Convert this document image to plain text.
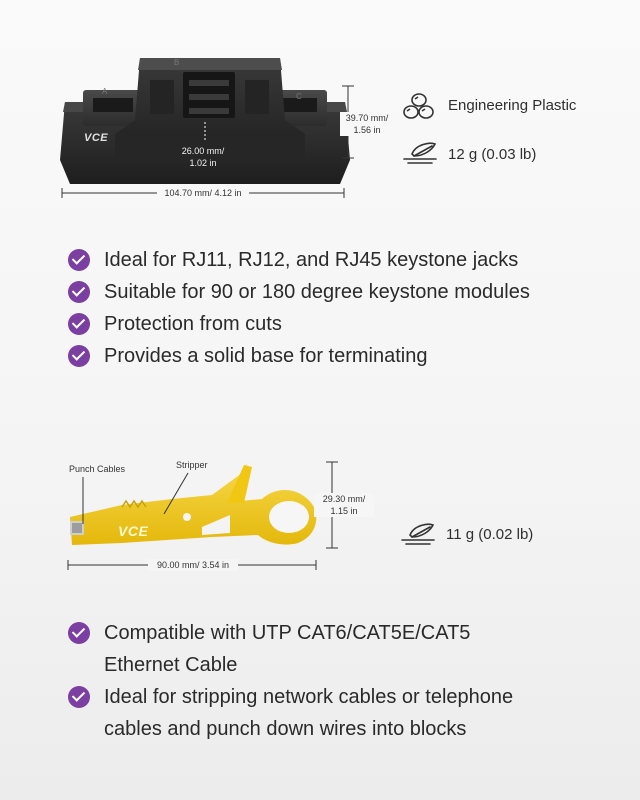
A
B
C
VCE
26.00 mm/
1.02 in
39.70 mm/
1.56 in
104.70 mm/ 4.12 in
Engineering Plastic
12 g (0.03 lb)
Ideal for RJ11, RJ12, and RJ45 keystone jacks
Suitable for 90 or 180 degree keystone modules
Protection from cuts
Provides a solid base for terminating
VCE
Punch Cables	Stripper
29.30 mm/
1.15 in
90.00 mm/ 3.54 in
11 g (0.02 lb)
Compatible with UTP CAT6/CAT5E/CAT5 Ethernet Cable
Ideal for stripping network cables or telephone cables and punch down wires into blocks
